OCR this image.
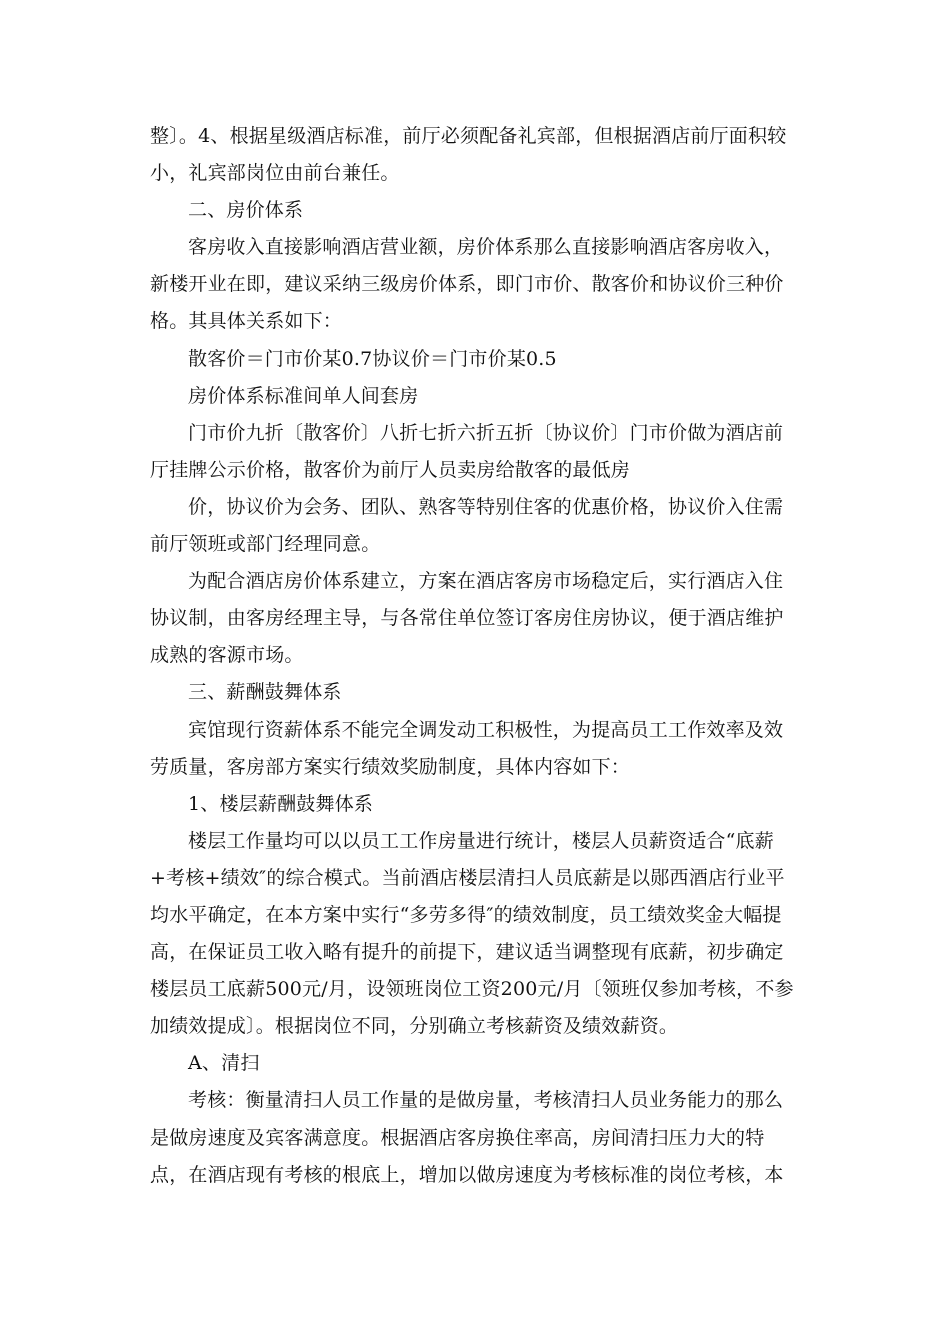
整〕。4、根据星级酒店标准，前厅必须配备礼宾部，但根据酒店前厅面积较
小，礼宾部岗位由前台兼任。
二、房价体系
客房收入直接影响酒店营业额，房价体系那么直接影响酒店客房收入，
新楼开业在即，建议采纳三级房价体系，即门市价、散客价和协议价三种价
格。其具体关系如下：
散客价＝门市价某0.7协议价＝门市价某0.5
房价体系标准间单人间套房
门市价九折〔散客价〕八折七折六折五折〔协议价〕门市价做为酒店前
厅挂牌公示价格，散客价为前厅人员卖房给散客的最低房
价，协议价为会务、团队、熟客等特别住客的优惠价格，协议价入住需
前厅领班或部门经理同意。
为配合酒店房价体系建立，方案在酒店客房市场稳定后，实行酒店入住
协议制，由客房经理主导，与各常住单位签订客房住房协议，便于酒店维护
成熟的客源市场。
三、薪酬鼓舞体系
宾馆现行资薪体系不能完全调发动工积极性，为提高员工工作效率及效
劳质量，客房部方案实行绩效奖励制度，具体内容如下：
1、楼层薪酬鼓舞体系
楼层工作量均可以以员工工作房量进行统计，楼层人员薪资适合“底薪
+考核+绩效″的综合模式。当前酒店楼层清扫人员底薪是以郧西酒店行业平
均水平确定，在本方案中实行“多劳多得″的绩效制度，员工绩效奖金大幅提
高，在保证员工收入略有提升的前提下，建议适当调整现有底薪，初步确定
楼层员工底薪500元/月，设领班岗位工资200元/月〔领班仅参加考核，不参
加绩效提成〕。根据岗位不同，分别确立考核薪资及绩效薪资。
A、清扫
考核：衡量清扫人员工作量的是做房量，考核清扫人员业务能力的那么
是做房速度及宾客满意度。根据酒店客房换住率高，房间清扫压力大的特
点，在酒店现有考核的根底上，增加以做房速度为考核标准的岗位考核，本
